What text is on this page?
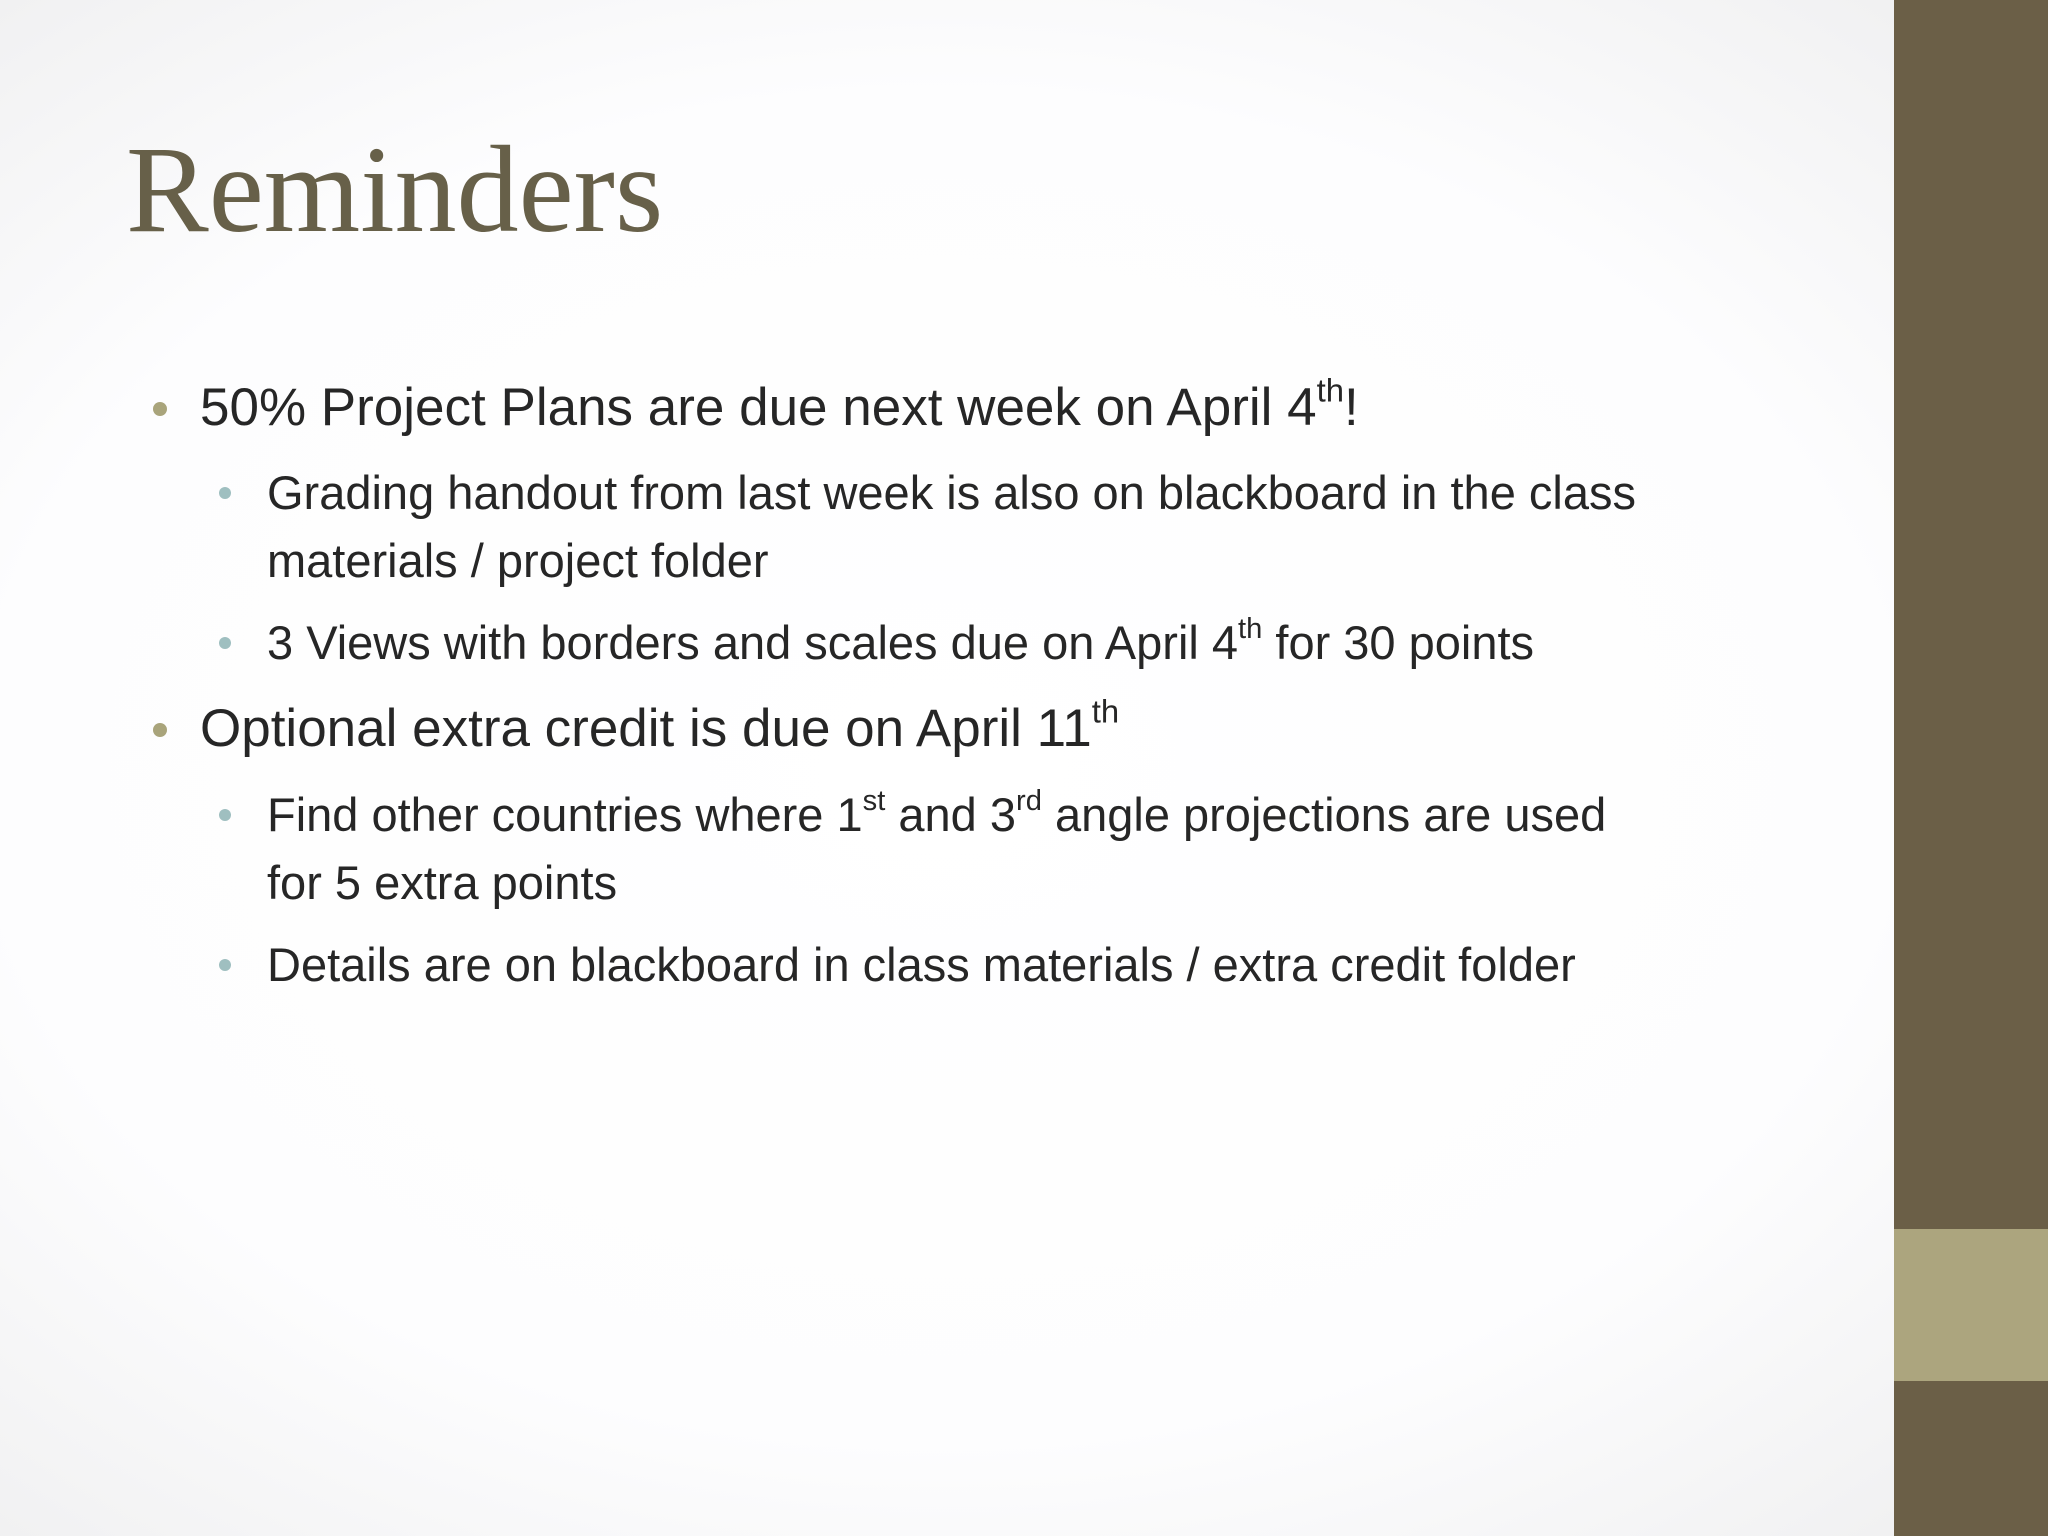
Reminders
50% Project Plans are due next week on April 4th!
Grading handout from last week is also on blackboard in the class
materials / project folder
3 Views with borders and scales due on April 4th for 30 points
Optional extra credit is due on April 11th
Find other countries where 1st and 3rd angle projections are used
for 5 extra points
Details are on blackboard in class materials / extra credit folder
